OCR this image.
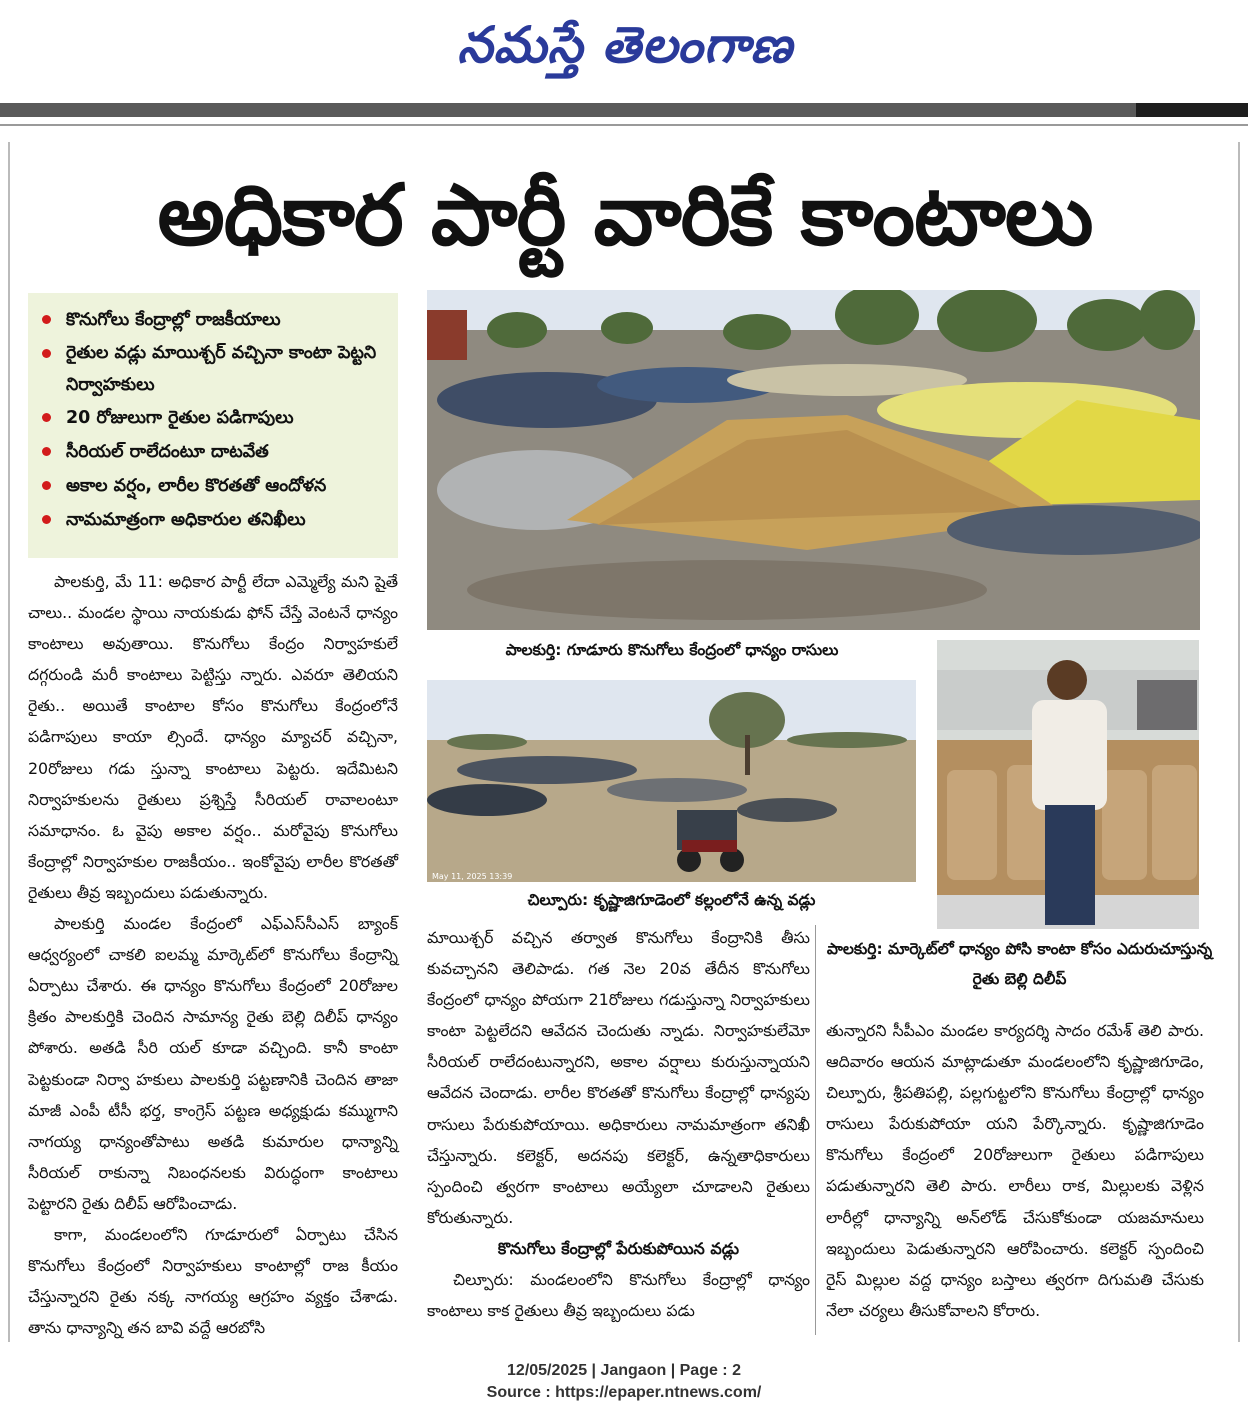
నమస్తే తెలంగాణ
అధికార పార్టీ వారికే కాంటాలు
కొనుగోలు కేంద్రాల్లో రాజకీయాలు
రైతుల వడ్లు మాయిశ్చర్ వచ్చినా కాంటా పెట్టని నిర్వాహకులు
20 రోజులుగా రైతుల పడిగాపులు
సీరియల్ రాలేదంటూ దాటవేత
అకాల వర్షం, లారీల కొరతతో ఆందోళన
నామమాత్రంగా అధికారుల తనిఖీలు
పాలకుర్తి: గూడూరు కొనుగోలు కేంద్రంలో ధాన్యం రాసులు
May 11, 2025 13:39
చిల్పూరు: కృష్ణాజిగూడెంలో కల్లంలోనే ఉన్న వడ్లు
పాలకుర్తి: మార్కెట్‌లో ధాన్యం పోసి కాంటా కోసం ఎదురుచూస్తున్న రైతు బెల్లి దిలీప్

పాలకుర్తి, మే 11: అధికార పార్టీ లేదా ఎమ్మెల్యే మని షైతే చాలు.. మండల స్థాయి నాయకుడు ఫోన్ చేస్తే వెంటనే ధాన్యం కాంటాలు అవుతాయి. కొనుగోలు కేంద్రం నిర్వాహకులే దగ్గరుండి మరీ కాంటాలు పెట్టిస్తు న్నారు. ఎవరూ తెలియని రైతు.. అయితే కాంటాల కోసం కొనుగోలు కేంద్రంలోనే పడిగాపులు కాయా ల్సిందే. ధాన్యం మ్యాచర్ వచ్చినా, 20రోజులు గడు స్తున్నా కాంటాలు పెట్టరు. ఇదేమిటని నిర్వాహకులను రైతులు ప్రశ్నిస్తే సీరియల్ రావాలంటూ సమాధానం. ఓ వైపు అకాల వర్షం.. మరోవైపు కొనుగోలు కేంద్రాల్లో నిర్వాహకుల రాజకీయం.. ఇంకోవైపు లారీల కొరతతో రైతులు తీవ్ర ఇబ్బందులు పడుతున్నారు.

పాలకుర్తి మండల కేంద్రంలో ఎఫ్‌ఎస్‌సీఎస్ బ్యాంక్ ఆధ్వర్యంలో చాకలి ఐలమ్మ మార్కెట్‌లో కొనుగోలు కేంద్రాన్ని ఏర్పాటు చేశారు. ఈ ధాన్యం కొనుగోలు కేంద్రంలో 20రోజుల క్రితం పాలకుర్తికి చెందిన సామాన్య రైతు బెల్లి దిలీప్ ధాన్యం పోశారు. అతడి సీరి యల్ కూడా వచ్చింది. కానీ కాంటా పెట్టకుండా నిర్వా హకులు పాలకుర్తి పట్టణానికి చెందిన తాజా మాజీ ఎంపీ టీసీ భర్త, కాంగ్రెస్ పట్టణ అధ్యక్షుడు కమ్ముగాని నాగయ్య ధాన్యంతోపాటు అతడి కుమారుల ధాన్యాన్ని సీరియల్ రాకున్నా నిబంధనలకు విరుద్ధంగా కాంటాలు పెట్టారని రైతు దిలీప్ ఆరోపించాడు.

కాగా, మండలంలోని గూడూరులో ఏర్పాటు చేసిన కొనుగోలు కేంద్రంలో నిర్వాహకులు కాంటాల్లో రాజ కీయం చేస్తున్నారని రైతు నక్క నాగయ్య ఆగ్రహం వ్యక్తం చేశాడు. తాను ధాన్యాన్ని తన బావి వద్దే ఆరబోసి

మాయిశ్చర్ వచ్చిన తర్వాత కొనుగోలు కేంద్రానికి తీసు కువచ్చానని తెలిపాడు. గత నెల 20వ తేదీన కొనుగోలు కేంద్రంలో ధాన్యం పోయగా 21రోజులు గడుస్తున్నా నిర్వాహకులు కాంటా పెట్టలేదని ఆవేదన చెందుతు న్నాడు. నిర్వాహకులేమో సీరియల్ రాలేదంటున్నారని, అకాల వర్షాలు కురుస్తున్నాయని ఆవేదన చెందాడు. లారీల కొరతతో కొనుగోలు కేంద్రాల్లో ధాన్యపు రాసులు పేరుకుపోయాయి. అధికారులు నామమాత్రంగా తనిఖీ చేస్తున్నారు. కలెక్టర్, అదనపు కలెక్టర్, ఉన్నతాధికారులు స్పందించి త్వరగా కాంటాలు అయ్యేలా చూడాలని రైతులు కోరుతున్నారు.

కొనుగోలు కేంద్రాల్లో పేరుకుపోయిన వడ్లు

చిల్పూరు: మండలంలోని కొనుగోలు కేంద్రాల్లో ధాన్యం కాంటాలు కాక రైతులు తీవ్ర ఇబ్బందులు పడు

తున్నారని సీపీఎం మండల కార్యదర్శి సాదం రమేశ్ తెలి పారు. ఆదివారం ఆయన మాట్లాడుతూ మండలంలోని కృష్ణాజిగూడెం, చిల్పూరు, శ్రీపతిపల్లి, పల్లగుట్టలోని కొనుగోలు కేంద్రాల్లో ధాన్యం రాసులు పేరుకుపోయా యని పేర్కొన్నారు. కృష్ణాజిగూడెం కొనుగోలు కేంద్రంలో 20రోజులుగా రైతులు పడిగాపులు పడుతున్నారని తెలి పారు. లారీలు రాక, మిల్లులకు వెళ్లిన లారీల్లో ధాన్యాన్ని అన్‌లోడ్ చేసుకోకుండా యజమానులు ఇబ్బందులు పెడుతున్నారని ఆరోపించారు. కలెక్టర్ స్పందించి రైస్ మిల్లుల వద్ద ధాన్యం బస్తాలు త్వరగా దిగుమతి చేసుకు నేలా చర్యలు తీసుకోవాలని కోరారు.

12/05/2025 | Jangaon | Page : 2
Source : https://epaper.ntnews.com/
